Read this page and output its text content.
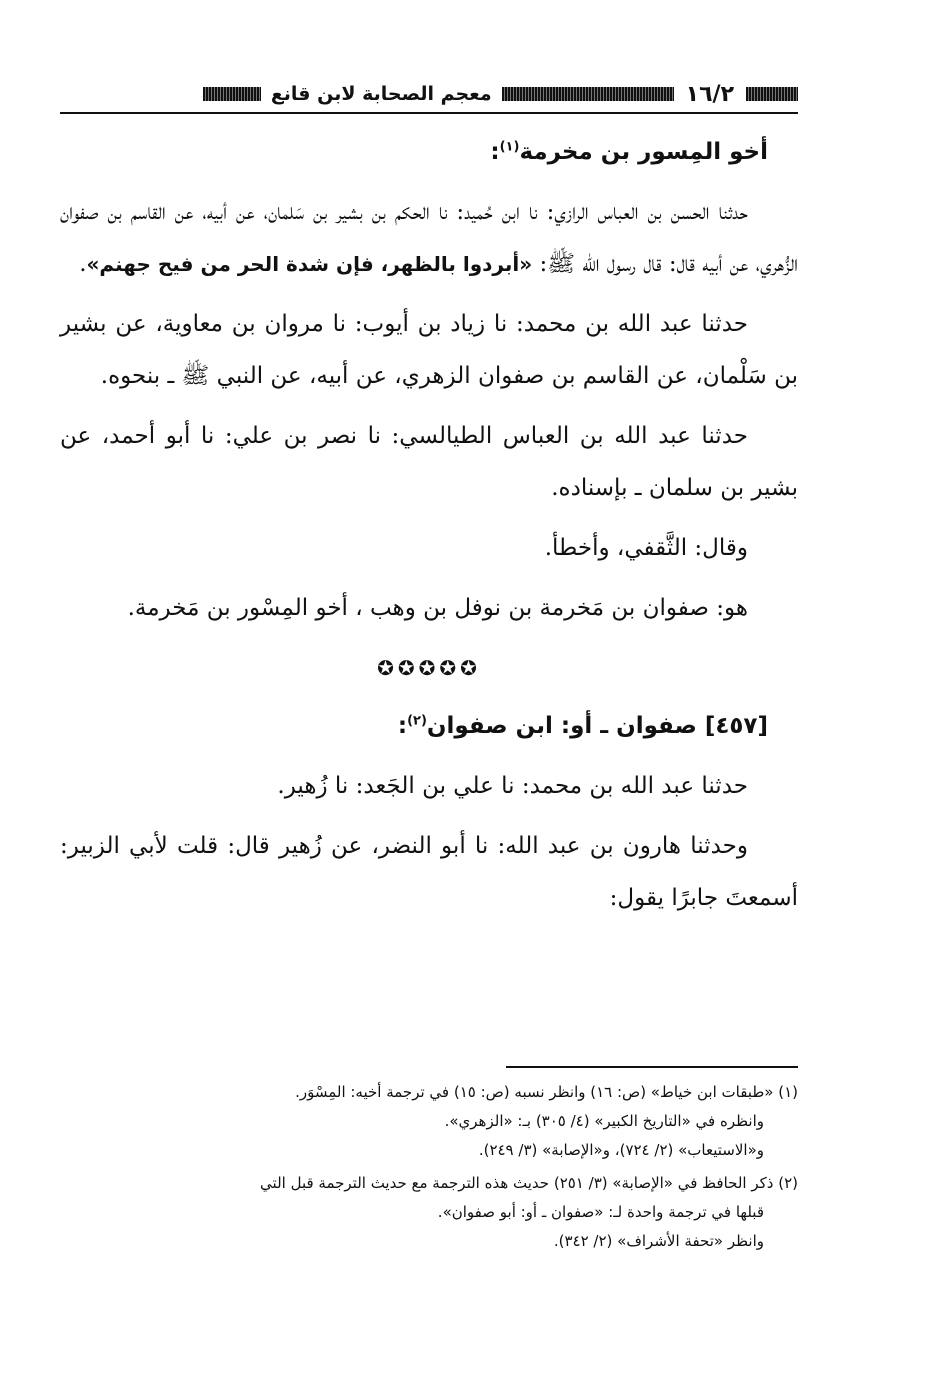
١٦/٢
معجم الصحابة لابن قانع
أخو المِسور بن مخرمة$^{(١)}$:

حدثنا الحسن بن العباس الرازي: نا ابن حُميد: نا الحكم بن بشير بن سَلمان، عن أبيه، عن القاسم بن صفوان الزُّهري، عن أبيه قال: قال رسول الله ﷺ: «أبردوا بالظهر، فإن شدة الحر من فيح جهنم».

حدثنا عبد الله بن محمد: نا زياد بن أيوب: نا مروان بن معاوية، عن بشير بن سَلْمان، عن القاسم بن صفوان الزهري، عن أبيه، عن النبي ﷺ ـ بنحوه.

حدثنا عبد الله بن العباس الطيالسي: نا نصر بن علي: نا أبو أحمد، عن بشير بن سلمان ـ بإسناده.

وقال: الثَّقفي، وأخطأ.

هو: صفوان بن مَخرمة بن نوفل بن وهب ، أخو المِسْور بن مَخرمة.

✪✪✪✪✪
[٤٥٧] صفوان ـ أو: ابن صفوان$^{(٢)}$:

حدثنا عبد الله بن محمد: نا علي بن الجَعد: نا زُهير.

وحدثنا هارون بن عبد الله: نا أبو النضر، عن زُهير قال: قلت لأبي الزبير: أسمعتَ جابرًا يقول:

(١) «طبقات ابن خياط» (ص: ١٦) وانظر نسبه (ص: ١٥) في ترجمة أخيه: المِسْوَر.
وانظره في «التاريخ الكبير» (٤/ ٣٠٥) بـ: «الزهري».
و«الاستيعاب» (٢/ ٧٢٤)، و«الإصابة» (٣/ ٢٤٩).
(٢) ذكر الحافظ في «الإصابة» (٣/ ٢٥١) حديث هذه الترجمة مع حديث الترجمة قبل التي
قبلها في ترجمة واحدة لـ: «صفوان ـ أو: أبو صفوان».
وانظر «تحفة الأشراف» (٢/ ٣٤٢).
